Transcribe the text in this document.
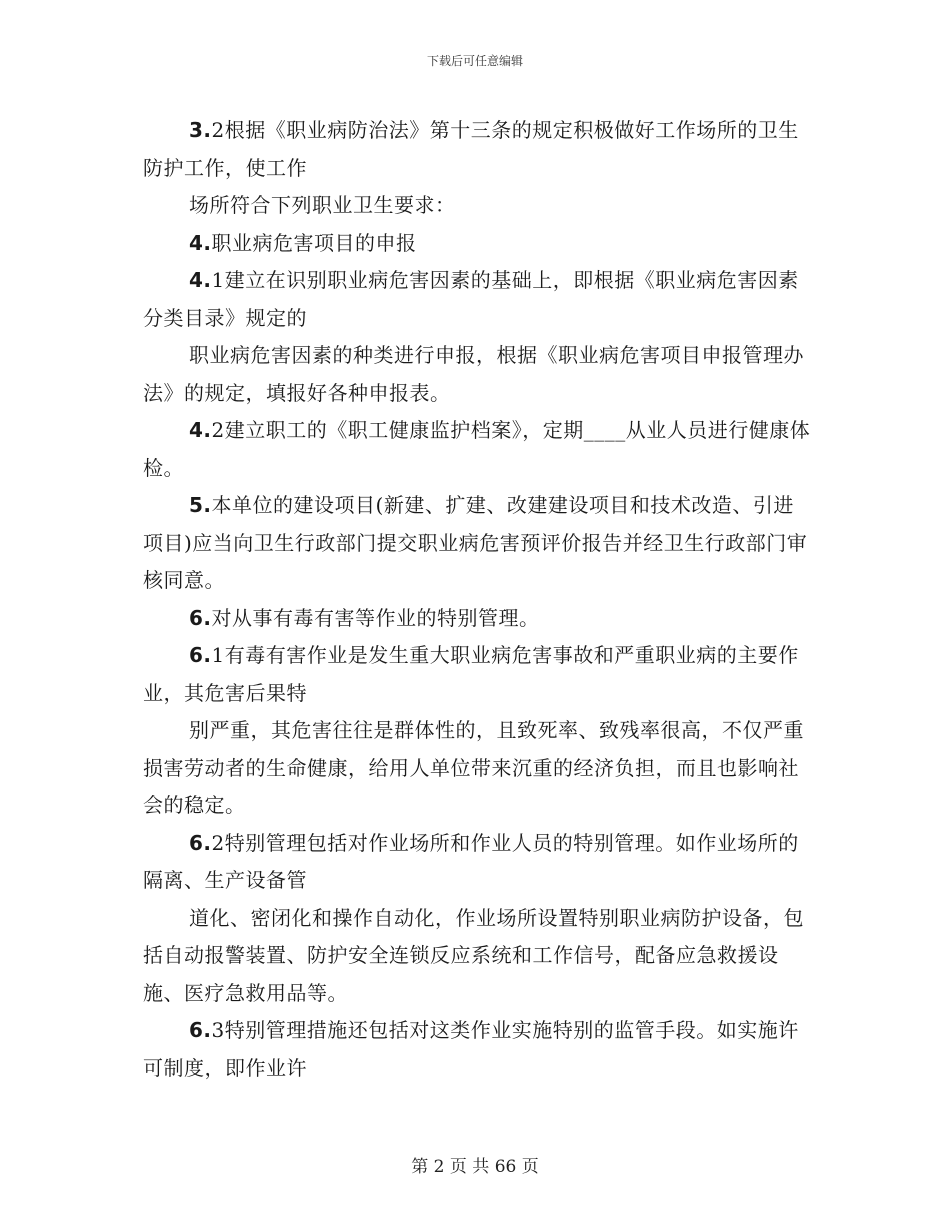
下载后可任意编辑

3.2根据《职业病防治法》第十三条的规定积极做好工作场所的卫生防护工作，使工作

场所符合下列职业卫生要求：

4.职业病危害项目的申报

4.1建立在识别职业病危害因素的基础上，即根据《职业病危害因素分类目录》规定的

职业病危害因素的种类进行申报，根据《职业病危害项目申报管理办法》的规定，填报好各种申报表。

4.2建立职工的《职工健康监护档案》，定期____从业人员进行健康体检。

5.本单位的建设项目(新建、扩建、改建建设项目和技术改造、引进项目)应当向卫生行政部门提交职业病危害预评价报告并经卫生行政部门审核同意。

6.对从事有毒有害等作业的特别管理。

6.1有毒有害作业是发生重大职业病危害事故和严重职业病的主要作业，其危害后果特

别严重，其危害往往是群体性的，且致死率、致残率很高，不仅严重损害劳动者的生命健康，给用人单位带来沉重的经济负担，而且也影响社会的稳定。

6.2特别管理包括对作业场所和作业人员的特别管理。如作业场所的隔离、生产设备管

道化、密闭化和操作自动化，作业场所设置特别职业病防护设备，包括自动报警装置、防护安全连锁反应系统和工作信号，配备应急救援设施、医疗急救用品等。

6.3特别管理措施还包括对这类作业实施特别的监管手段。如实施许可制度，即作业许

第 2 页 共 66 页
